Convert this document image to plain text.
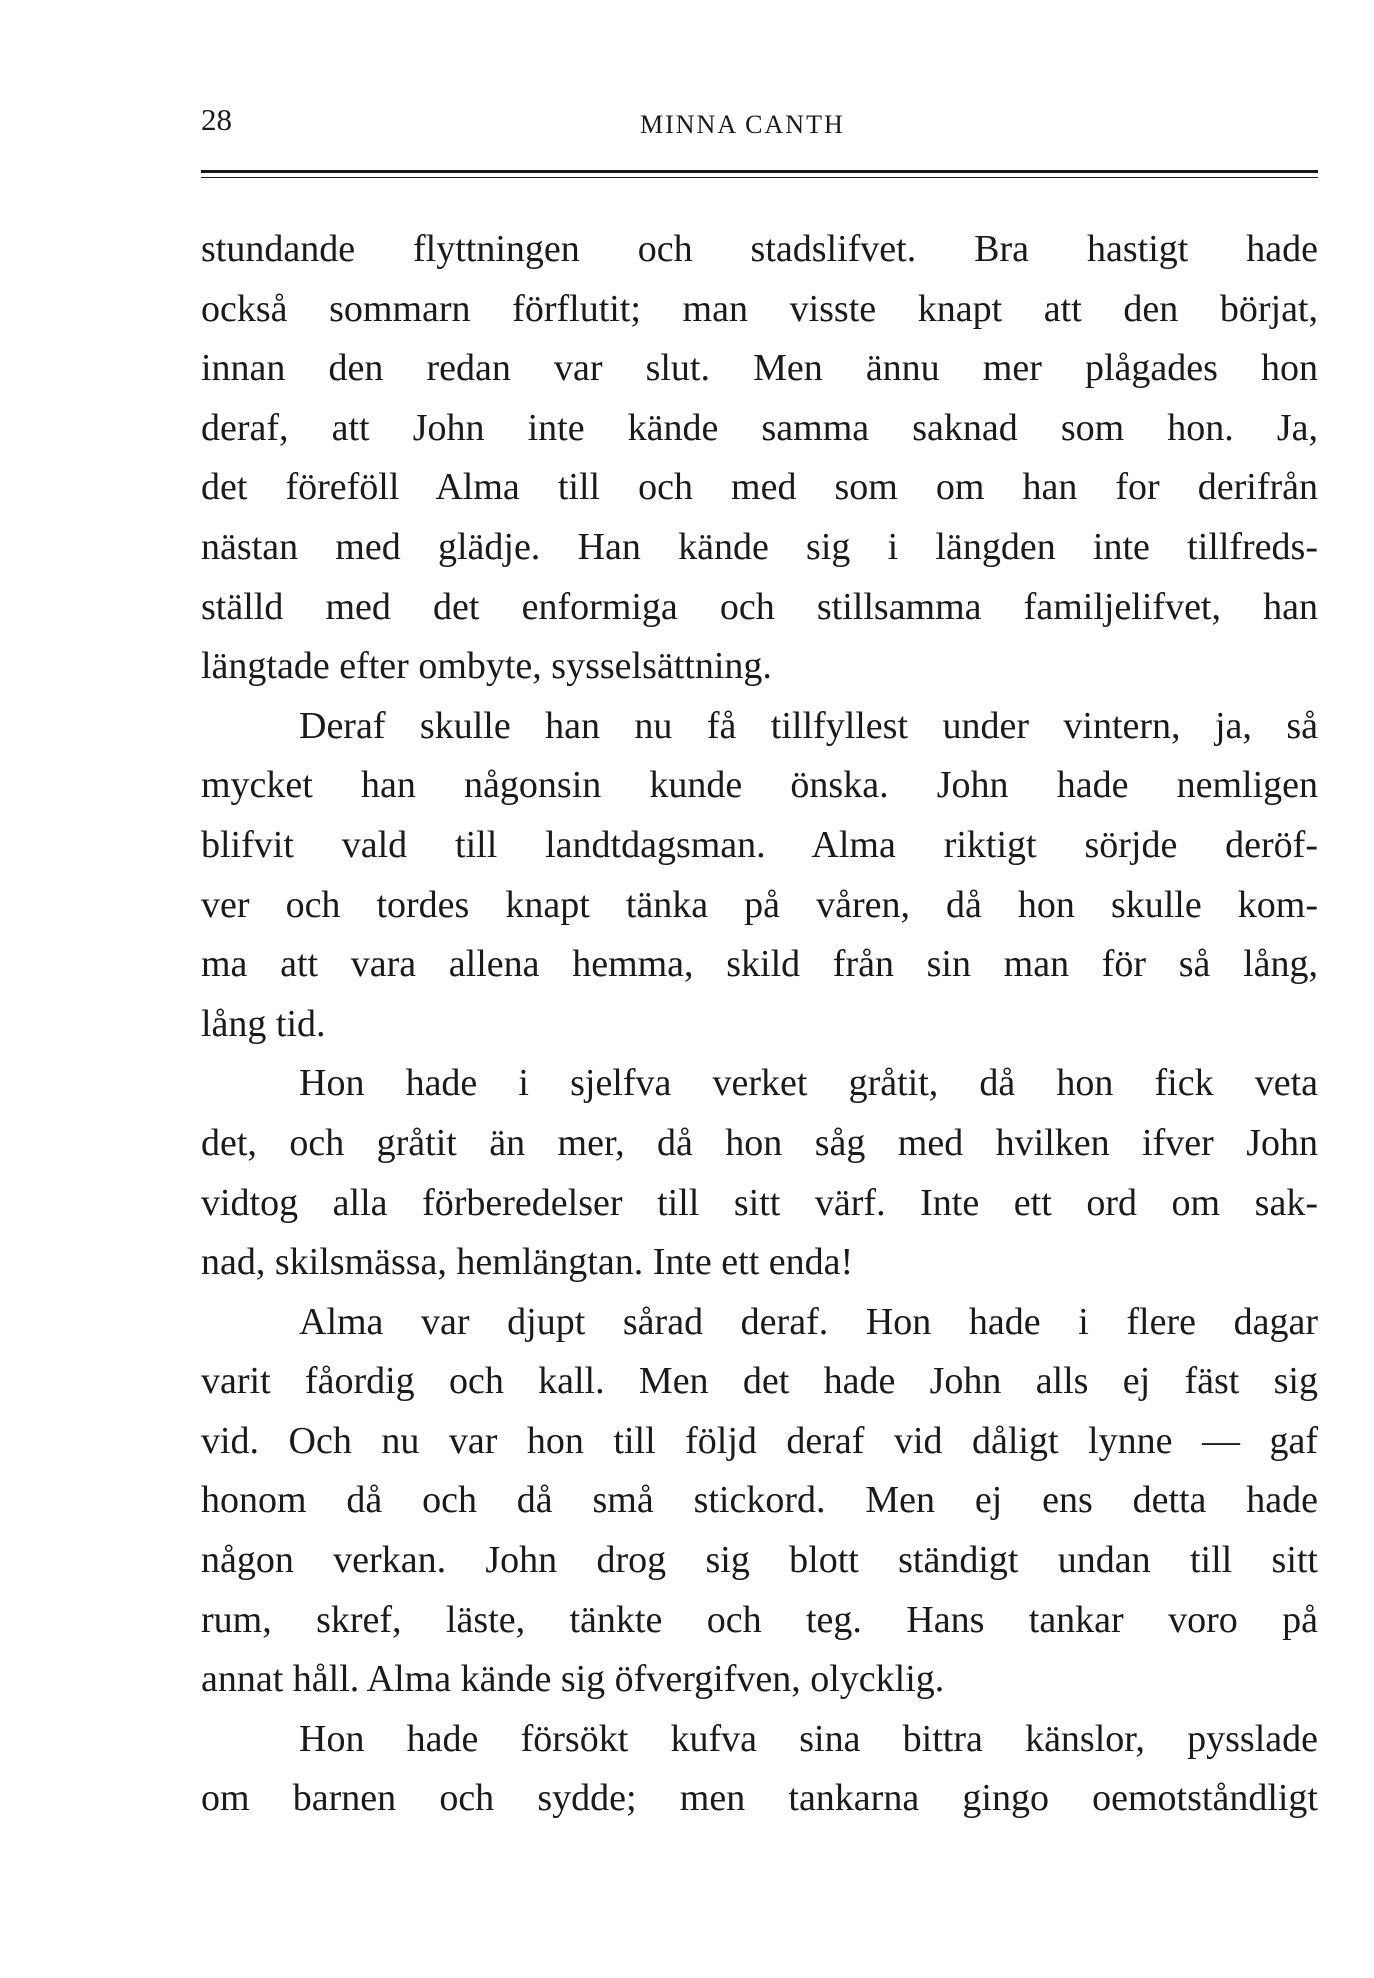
28	MINNA CANTH
stundande flyttningen och stadslifvet. Bra hastigt hade
också sommarn förflutit; man visste knapt att den börjat,
innan den redan var slut. Men ännu mer plågades hon
deraf, att John inte kände samma saknad som hon. Ja,
det föreföll Alma till och med som om han for derifrån
nästan med glädje. Han kände sig i längden inte tillfreds-
ställd med det enformiga och stillsamma familjelifvet, han
längtade efter ombyte, sysselsättning.
Deraf skulle han nu få tillfyllest under vintern, ja, så
mycket han någonsin kunde önska. John hade nemligen
blifvit vald till landtdagsman. Alma riktigt sörjde deröf-
ver och tordes knapt tänka på våren, då hon skulle kom-
ma att vara allena hemma, skild från sin man för så lång,
lång tid.
Hon hade i sjelfva verket gråtit, då hon fick veta
det, och gråtit än mer, då hon såg med hvilken ifver John
vidtog alla förberedelser till sitt värf. Inte ett ord om sak-
nad, skilsmässa, hemlängtan. Inte ett enda!
Alma var djupt sårad deraf. Hon hade i flere dagar
varit fåordig och kall. Men det hade John alls ej fäst sig
vid. Och nu var hon till följd deraf vid dåligt lynne — gaf
honom då och då små stickord. Men ej ens detta hade
någon verkan. John drog sig blott ständigt undan till sitt
rum, skref, läste, tänkte och teg. Hans tankar voro på
annat håll. Alma kände sig öfvergifven, olycklig.
Hon hade försökt kufva sina bittra känslor, pysslade
om barnen och sydde; men tankarna gingo oemotståndligt
